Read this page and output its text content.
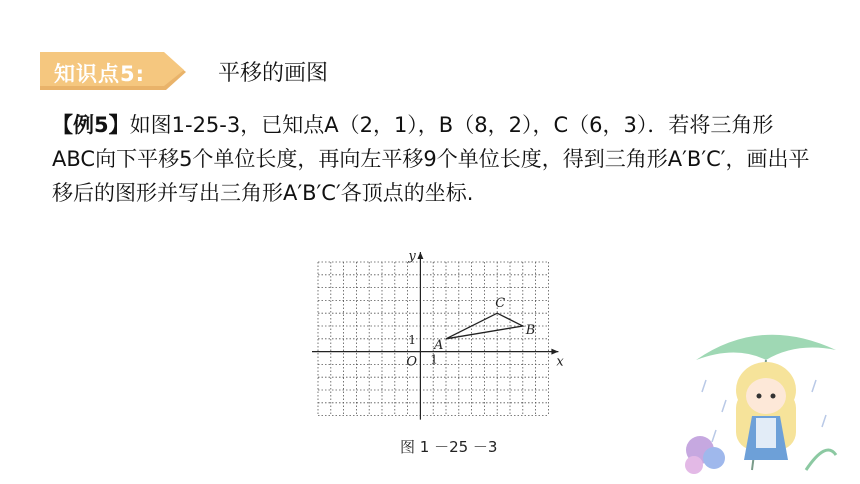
知识点5:	平移的画图
【例5】如图1-25-3，已知点A（2，1），B（8，2），C（6，3）．若将三角形ABC向下平移5个单位长度，再向左平移9个单位长度，得到三角形A′B′C′，画出平移后的图形并写出三角形A′B′C′各顶点的坐标.
x
y
O
1
1
A
B
C
图 1 －25 －3
